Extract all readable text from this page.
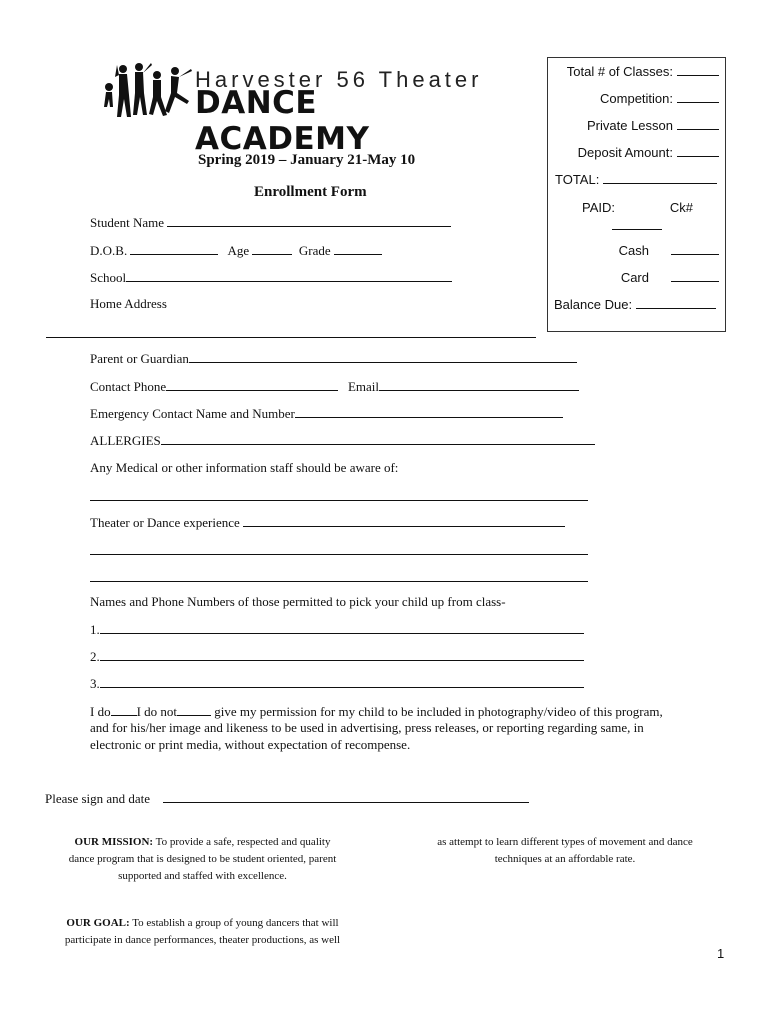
Harvester 56 Theater
DANCE ACADEMY
Total # of Classes:
Competition:
Private Lesson
Deposit Amount:
TOTAL:
PAID:	Ck#
Cash
Card
Balance Due:
Spring 2019 – January 21-May 10
Enrollment Form
Student Name
D.O.B.	Age	Grade
School
Home Address
Parent or Guardian
Contact Phone	Email
Emergency Contact Name and Number
ALLERGIES
Any Medical or other information staff should be aware of:
Theater or Dance experience
Names and Phone Numbers of those permitted to pick your child up from class-
1.
2.
3.
I do I do not	give my permission for my child to be included in photography/video of this program,
and for his/her image and likeness to be used in advertising, press releases, or reporting regarding same, in
electronic or print media, without expectation of recompense.
Please sign and date
OUR MISSION: To provide a safe, respected and quality
dance program that is designed to be student oriented, parent
supported and staffed with excellence.
as attempt to learn different types of movement and dance
techniques at an affordable rate.
OUR GOAL: To establish a group of young dancers that will
participate in dance performances, theater productions, as well
1
